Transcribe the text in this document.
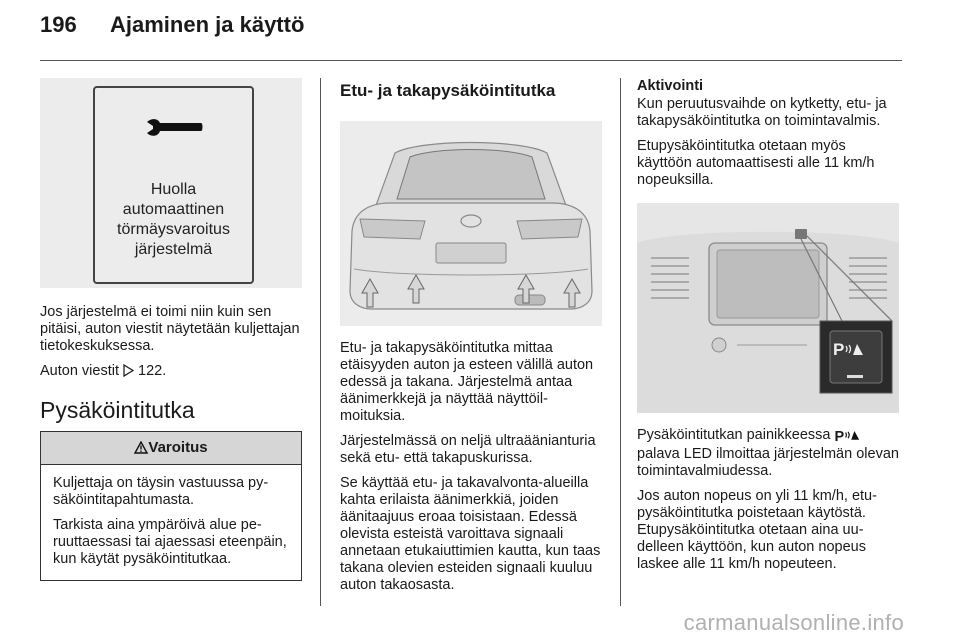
196 Ajaminen ja käyttö
Huolla
automaattinen
törmäysvaroitus
järjestelmä

Jos järjestelmä ei toimi niin kuin sen pitäisi, auton viestit näytetään kuljettajan tietokeskuksessa.

Auton viestit
122.

Pysäköintitutka
Varoitus

Kuljettaja on täysin vastuussa pysäköintitapahtumasta.

Tarkista aina ympäröivä alue peruuttaessasi tai ajaessasi eteenpäin, kun käytät pysäköintitutkaa.

Etu- ja takapysäköintitutka

Etu- ja takapysäköintitutka mittaa etäisyyden auton ja esteen välillä auton edessä ja takana. Järjestelmä antaa äänimerkkejä ja näyttää näyttöilmoituksia.

Järjestelmässä on neljä ultraäänianturia sekä etu- että takapuskurissa.

Se käyttää etu- ja takavalvonta-alueilla kahta erilaista äänimerkkiä, joiden äänitaajuus eroaa toisistaan. Edessä olevista esteistä varoittava signaali annetaan etukaiuttimien kautta, kun taas takana olevien esteiden signaali kuuluu auton takaosasta.

Aktivointi

Kun peruutusvaihde on kytketty, etu- ja takapysäköintitutka on toimintavalmis.

Etupysäköintitutka otetaan myös käyttöön automaattisesti alle 11 km/h nopeuksilla.

P

Pysäköintitutkan painikkeessa P palava LED ilmoittaa järjestelmän olevan toimintavalmiudessa.

Jos auton nopeus on yli 11 km/h, etupysäköintitutka poistetaan käytöstä. Etupysäköintitutka otetaan aina uudelleen käyttöön, kun auton nopeus laskee alle 11 km/h nopeuteen.

carmanualsonline.info
